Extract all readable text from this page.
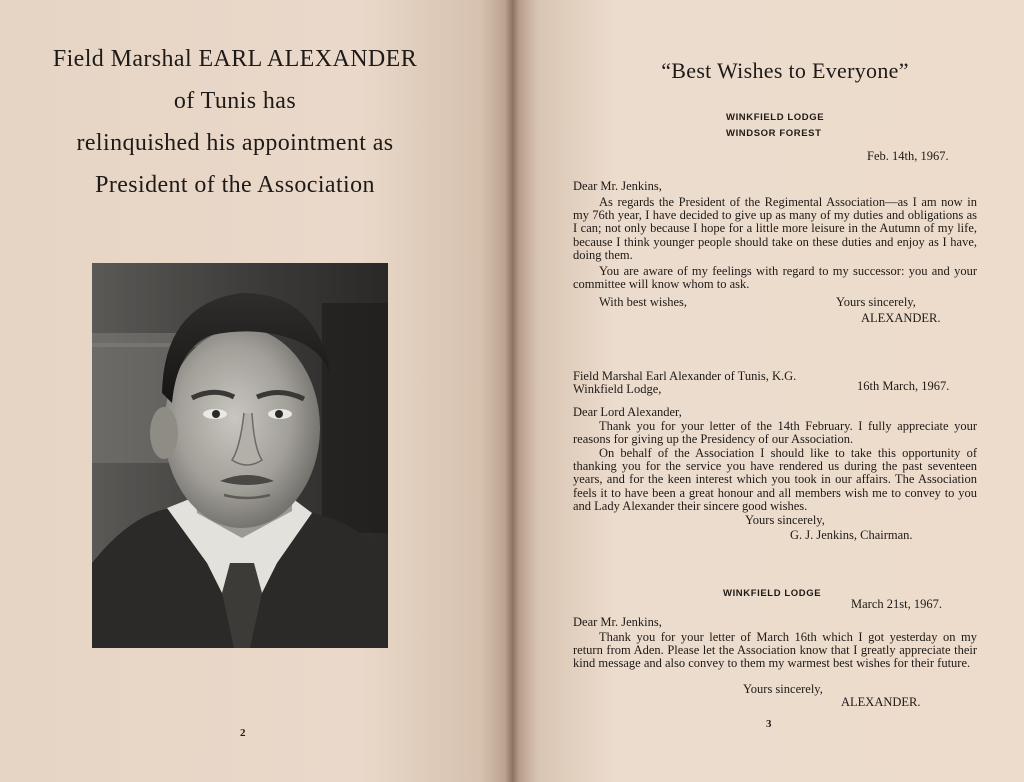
Field Marshal EARL ALEXANDER

of Tunis has

relinquished his appointment as

President of the Association

2
“Best Wishes to Everyone”
WINKFIELD LODGE
WINDSOR FOREST
Feb. 14th, 1967.
Dear Mr. Jenkins,

As regards the President of the Regimental Association—as I am now in my 76th year, I have decided to give up as many of my duties and obligations as I can; not only because I hope for a little more leisure in the Autumn of my life, because I think younger people should take on these duties and enjoy as I have, doing them.

You are aware of my feelings with regard to my successor: you and your committee will know whom to ask.

With best wishes,	Yours sincerely,
ALEXANDER.
Field Marshal Earl Alexander of Tunis, K.G.
Winkfield Lodge,	16th March, 1967.
Dear Lord Alexander,

Thank you for your letter of the 14th February. I fully appreciate your reasons for giving up the Presidency of our Association.

On behalf of the Association I should like to take this opportunity of thanking you for the service you have rendered us during the past seventeen years, and for the keen interest which you took in our affairs. The Association feels it to have been a great honour and all members wish me to convey to you and Lady Alexander their sincere good wishes.

Yours sincerely,
G. J. Jenkins, Chairman.
WINKFIELD LODGE
March 21st, 1967.
Dear Mr. Jenkins,

Thank you for your letter of March 16th which I got yesterday on my return from Aden. Please let the Association know that I greatly appreciate their kind message and also convey to them my warmest best wishes for their future.

Yours sincerely,
ALEXANDER.
3
